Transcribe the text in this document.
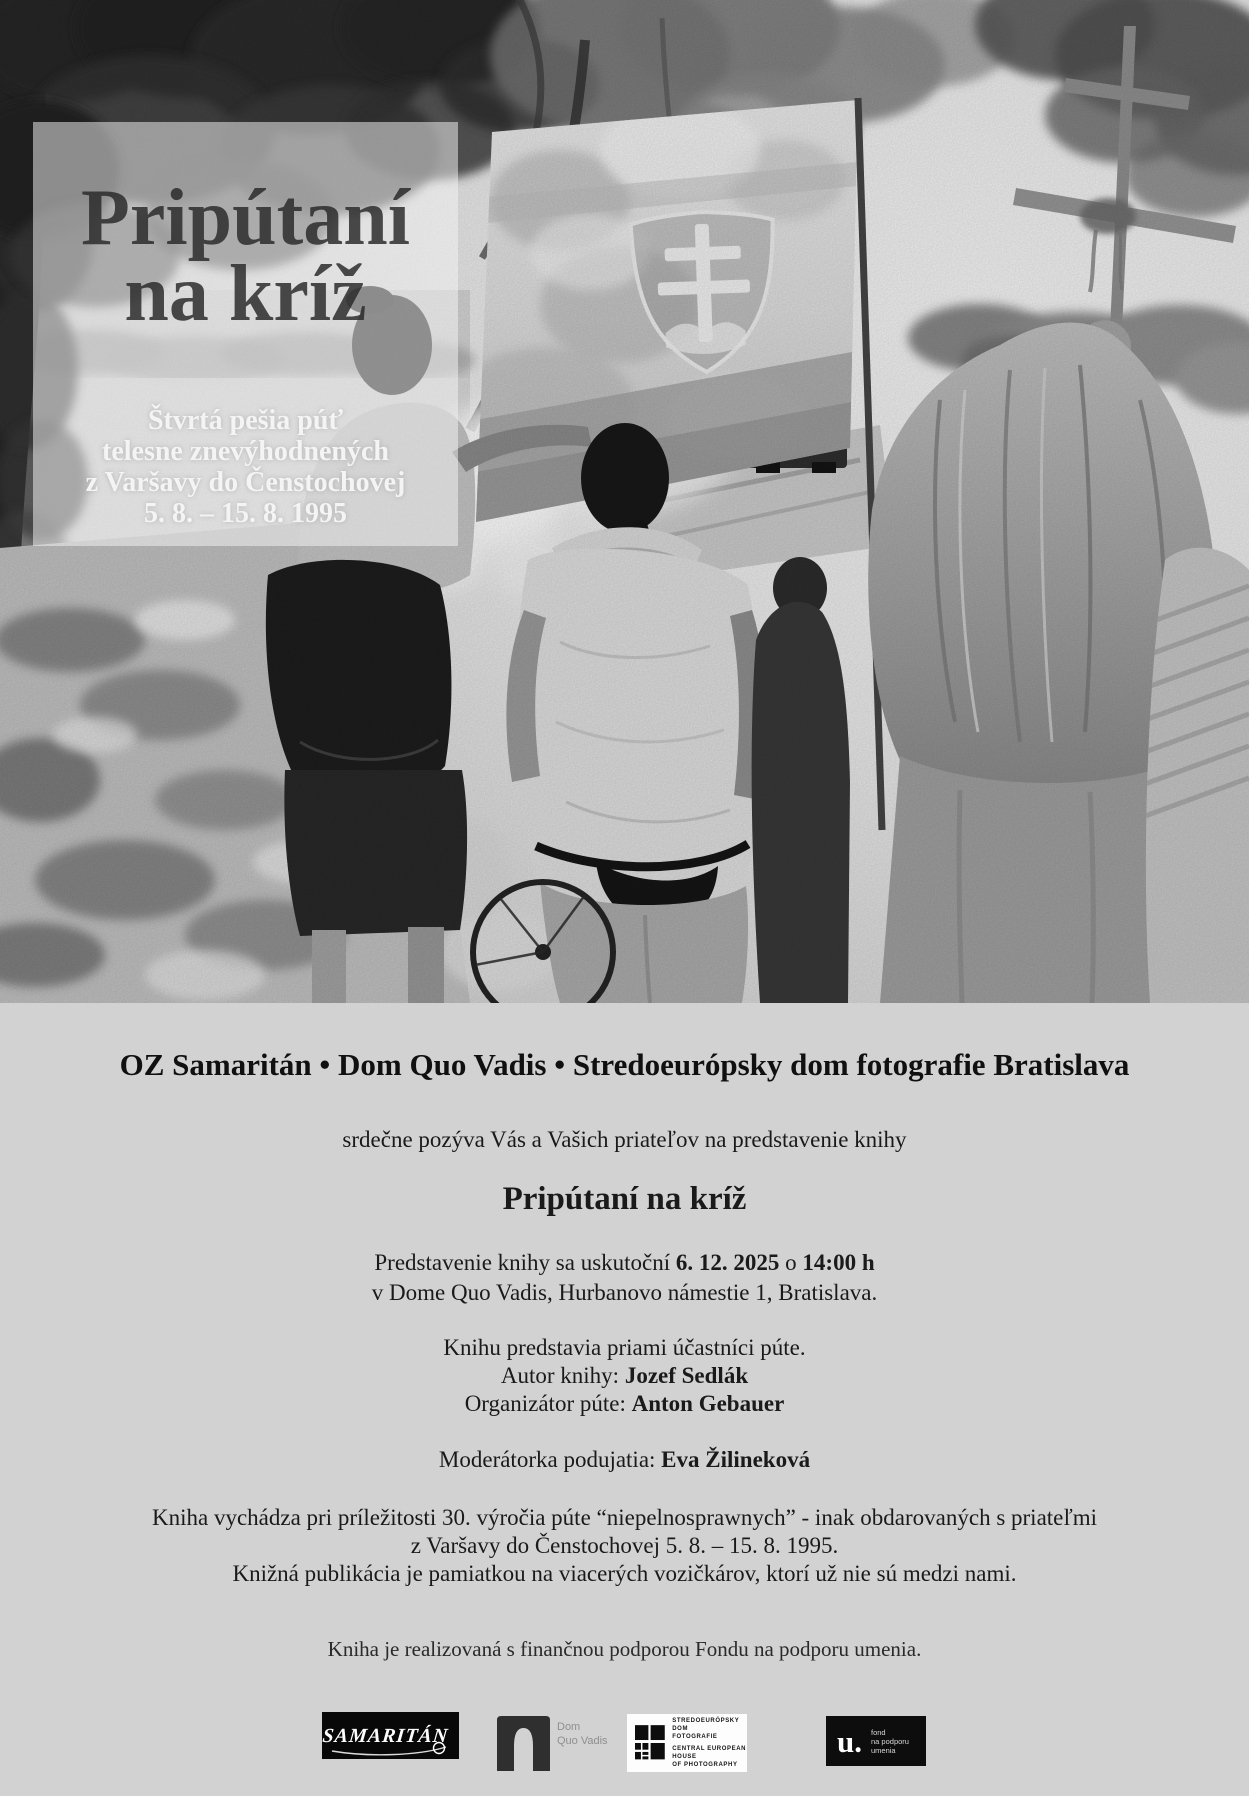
Pripútaní
na kríž
Štvrtá pešia púť
telesne znevýhodnených
z Varšavy do Čenstochovej
5. 8. – 15. 8. 1995
OZ Samaritán • Dom Quo Vadis • Stredoeurópsky dom fotografie Bratislava
srdečne pozýva Vás a Vašich priateľov na predstavenie knihy
Pripútaní na kríž
Predstavenie knihy sa uskutoční 6. 12. 2025 o 14:00 h
v Dome Quo Vadis, Hurbanovo námestie 1, Bratislava.
Knihu predstavia priami účastníci púte.
Autor knihy: Jozef Sedlák
Organizátor púte: Anton Gebauer
Moderátorka podujatia: Eva Žilineková
Kniha vychádza pri príležitosti 30. výročia púte “niepelnosprawnych” - inak obdarovaných s priateľmi
z Varšavy do Čenstochovej 5. 8. – 15. 8. 1995.
Knižná publikácia je pamiatkou na viacerých vozičkárov, ktorí už nie sú medzi nami.
Kniha je realizovaná s finančnou podporou Fondu na podporu umenia.
SAMARITÁN	Dom
Quo Vadis
STREDOEURÓPSKY DOM
FOTOGRAFIE
CENTRAL EUROPEAN HOUSE
OF PHOTOGRAPHY
u. fond
na podporu
umenia
